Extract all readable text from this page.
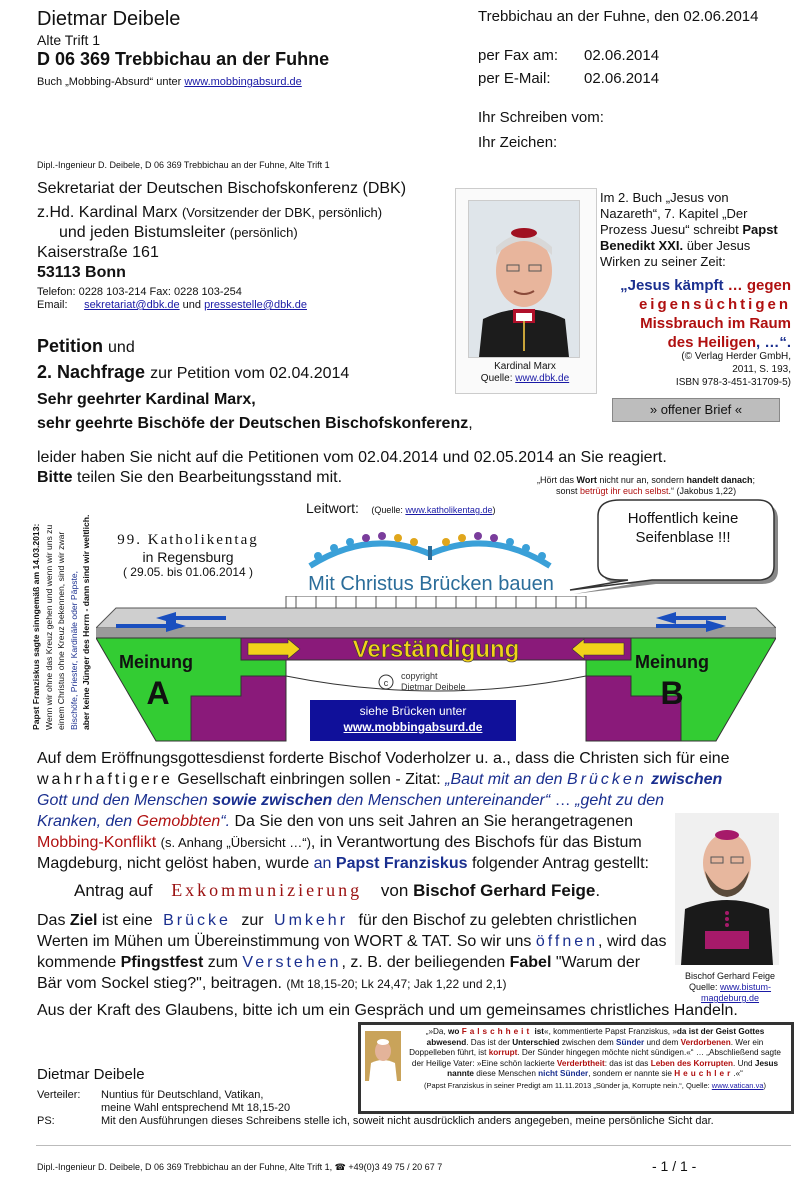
Dietmar Deibele
Alte Trift 1
D 06 369 Trebbichau an der Fuhne
Buch „Mobbing-Absurd“ unter www.mobbingabsurd.de
Dipl.-Ingenieur D. Deibele, D 06 369 Trebbichau an der Fuhne, Alte Trift 1
Trebbichau an der Fuhne, den 02.06.2014
per Fax am: 02.06.2014
per E-Mail: 02.06.2014
Ihr Schreiben vom:
Ihr Zeichen:
Sekretariat der Deutschen Bischofskonferenz (DBK)
z.Hd. Kardinal Marx (Vorsitzender der DBK, persönlich)
und jeden Bistumsleiter (persönlich)
Kaiserstraße 161
53113 Bonn
Telefon: 0228 103-214 Fax: 0228 103-254
Email: sekretariat@dbk.de und pressestelle@dbk.de
Kardinal Marx
Quelle: www.dbk.de
Im 2. Buch „Jesus von Nazareth“, 7. Kapitel „Der Prozess Juesu“ schreibt Papst Benedikt XXI. über Jesus Wirken zu seiner Zeit:
„Jesus kämpft … gegen
eigensüchtigen
Missbrauch im Raum
des Heiligen, …“.
(© Verlag Herder GmbH,
2011, S. 193,
ISBN 978-3-451-31709-5)
» offener Brief «
Petition und
2. Nachfrage zur Petition vom 02.04.2014
Sehr geehrter Kardinal Marx,
sehr geehrte Bischöfe der Deutschen Bischofskonferenz,
leider haben Sie nicht auf die Petitionen vom 02.04.2014 und 02.05.2014 an Sie reagiert.
Bitte teilen Sie den Bearbeitungsstand mit.	„Hört das Wort nicht nur an, sondern handelt danach; sonst betrügt ihr euch selbst.“ (Jakobus 1,22)
Papst Franziskus sagte sinngemäß am 14.03.2013: Wenn wir ohne das Kreuz gehen und wenn wir uns zu einem Christus ohne Kreuz bekennen, sind wir zwar Bischöfe, Priester, Kardinäle oder Päpste, aber keine Jünger des Herrn - dann sind wir weltlich.
Leitwort: (Quelle: www.katholikentag.de)
99. Katholikentag
in Regensburg
( 29.05. bis 01.06.2014 )
Mit Christus Brücken bauen
Hoffentlich keine Seifenblase !!!
Verständigung
Meinung
A
Meinung
B
c
copyright
Dietmar Deibele
siehe Brücken unter
www.mobbingabsurd.de
Auf dem Eröffnungsgottesdienst forderte Bischof Voderholzer u. a., dass die Christen sich für eine wahrhaftigere Gesellschaft einbringen sollen - Zitat: „Baut mit an den Brücken zwischen
Gott und den Menschen sowie zwischen den Menschen untereinander“ … „geht zu den Kranken, den Gemobbten“. Da Sie den von uns seit Jahren an Sie herangetragenen Mobbing-Konflikt (s. Anhang „Übersicht …“), in Verantwortung des Bischofs für das Bistum Magdeburg, nicht gelöst haben, wurde an Papst Franziskus folgender Antrag gestellt:
Antrag auf Exkommunizierung von Bischof Gerhard Feige.
Das Ziel ist eine Brücke zur Umkehr für den Bischof zu gelebten christlichen Werten im Mühen um Übereinstimmung von WORT & TAT. So wir uns öffnen, wird das kommende Pfingstfest zum Verstehen, z. B. der beiliegenden Fabel "Warum der Bär vom Sockel stieg?", beitragen. (Mt 18,15-20; Lk 24,47; Jak 1,22 und 2,1)
Aus der Kraft des Glaubens, bitte ich um ein Gespräch und um gemeinsames christliches Handeln.
Bischof Gerhard Feige
Quelle: www.bistum-magdeburg.de
„»Da, wo Falschheit ist«, kommentierte Papst Franziskus, »da ist der Geist Gottes abwesend. Das ist der Unterschied zwischen dem Sünder und dem Verdorbenen. Wer ein Doppelleben führt, ist korrupt. Der Sünder hingegen möchte nicht sündigen.«“ … „Abschließend sagte der Heilige Vater: »Eine schön lackierte Verderbtheit: das ist das Leben des Korrupten. Und Jesus nannte diese Menschen nicht Sünder, sondern er nannte sie Heuchler.«“
(Papst Franziskus in seiner Predigt am 11.11.2013 „Sünder ja, Korrupte nein.“, Quelle: www.vatican.va)
Dietmar Deibele
Verteiler: Nuntius für Deutschland, Vatikan,
meine Wahl entsprechend Mt 18,15-20
PS:	Mit den Ausführungen dieses Schreibens stelle ich, soweit nicht ausdrücklich anders angegeben, meine persönliche Sicht dar.
Dipl.-Ingenieur D. Deibele, D 06 369 Trebbichau an der Fuhne, Alte Trift 1, ☎ +49(0)3 49 75 / 20 67 7	- 1 / 1 -
